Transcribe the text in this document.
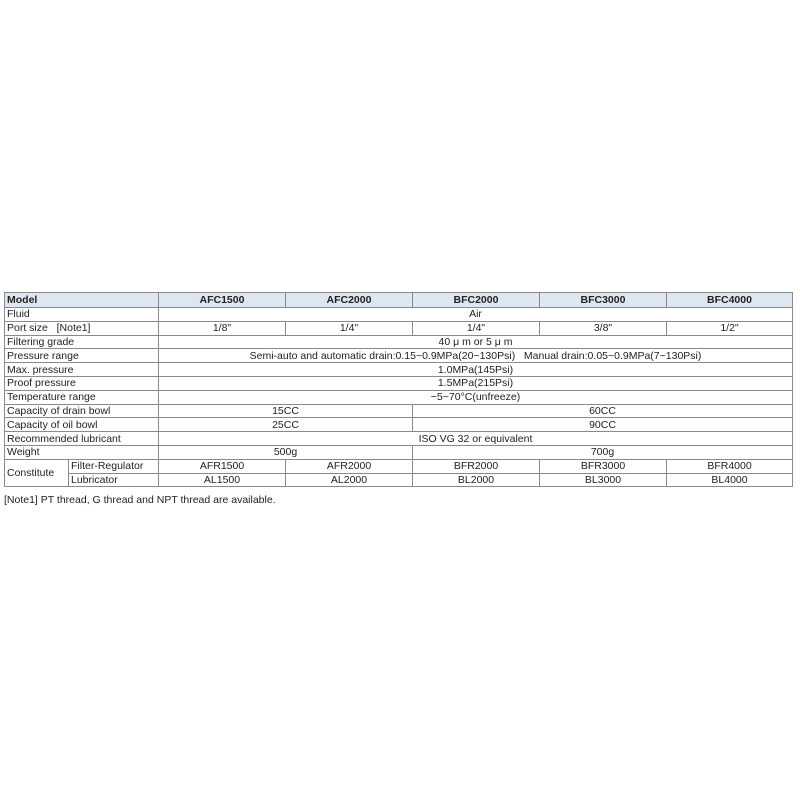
Model		AFC1500	AFC2000	BFC2000	BFC3000	BFC4000
Fluid		Air				
Port size [Note1]		1/8"	1/4"	1/4"	3/8"	1/2"
Filtering grade		40 μ m or 5 μ m				
Pressure range		Semi-auto and automatic drain:0.15~0.9MPa(20~130Psi)   Manual drain:0.05~0.9MPa(7~130Psi)				
Max. pressure		1.0MPa(145Psi)				
Proof pressure		1.5MPa(215Psi)				
Temperature range		−5~70°C(unfreeze)				
Capacity of drain bowl		15CC		60CC		
Capacity of oil bowl		25CC		90CC		
Recommended lubricant		ISO VG 32 or equivalent				
Weight		500g		700g		
Constitute	Filter-Regulator	AFR1500	AFR2000	BFR2000	BFR3000	BFR4000
	Lubricator	AL1500	AL2000	BL2000	BL3000	BL4000
[Note1] PT thread, G thread and NPT thread are available.
